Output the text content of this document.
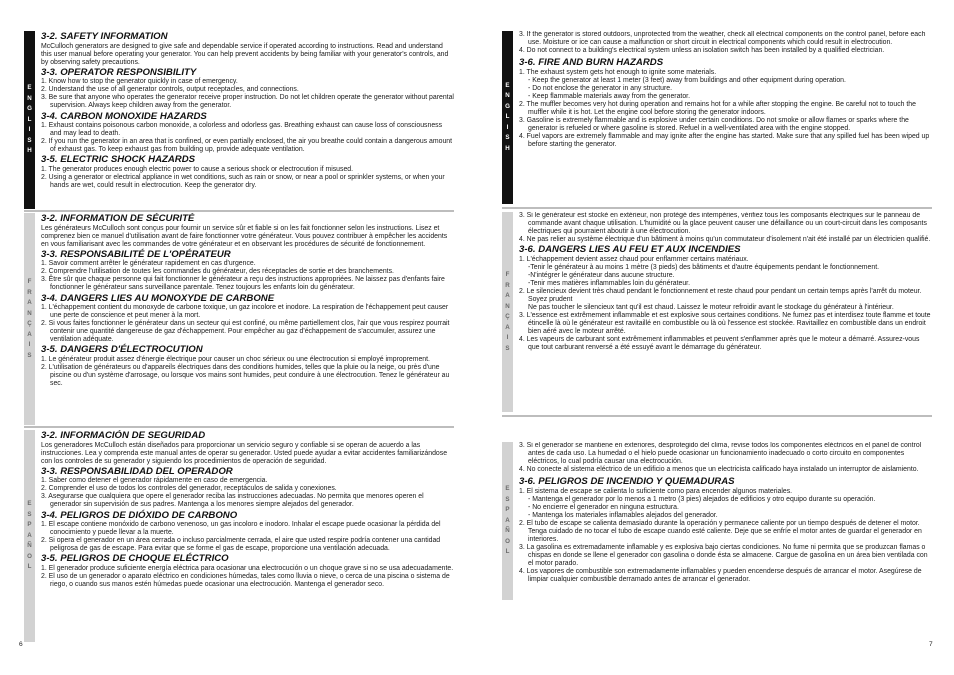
E
N
G
L
I
S
H

3-2. SAFETY INFORMATION

McCulloch generators are designed to give safe and dependable service if operated according to instructions. Read and understand this user manual before operating your generator. You can help prevent accidents by being familiar with your generator's controls, and by observing safety precautions.

3-3. OPERATOR RESPONSIBILITY

1. Know how to stop the generator quickly in case of emergency.

2. Understand the use of all generator controls, output receptacles, and connections.

3. Be sure that anyone who operates the generator receive proper instruction. Do not let children operate the generator without parental supervision. Always keep children away from the generator.

3-4. CARBON MONOXIDE HAZARDS

1. Exhaust contains poisonous carbon monoxide, a colorless and odorless gas. Breathing exhaust can cause loss of consciousness and may lead to death.

2. If you run the generator in an area that is confined, or even partially enclosed, the air you breathe could contain a dangerous amount of exhaust gas. To keep exhaust gas from building up, provide adequate ventilation.

3-5. ELECTRIC SHOCK HAZARDS

1. The generator produces enough electric power to cause a serious shock or electrocution if misused.

2. Using a generator or electrical appliance in wet conditions, such as rain or snow, or near a pool or sprinkler systems, or when your hands are wet, could result in electrocution. Keep the generator dry.

F
R
A
N
Ç
A
I
S

3-2. INFORMATION DE SÉCURITÉ

Les générateurs McCulloch sont conçus pour fournir un service sûr et fiable si on les fait fonctionner selon les instructions. Lisez et comprenez bien ce manuel d'utilisation avant de faire fonctionner votre générateur. Vous pouvez contribuer à empêcher les accidents en vous familiarisant avec les commandes de votre générateur et en observant les procédures de sécurité de fonctionnement.

3-3. RESPONSABILITÉ DE L'OPÉRATEUR

1. Savoir comment arrêter le générateur rapidement en cas d'urgence.

2. Comprendre l'utilisation de toutes les commandes du générateur, des réceptacles de sortie et des branchements.

3. Être sûr que chaque personne qui fait fonctionner le générateur a reçu des instructions appropriées. Ne laissez pas d'enfants faire fonctionner le générateur sans surveillance parentale. Tenez toujours les enfants loin du générateur.

3-4. DANGERS LIES AU MONOXYDE DE CARBONE

1. L'échappement contient du monoxyde de carbone toxique, un gaz incolore et inodore. La respiration de l'échappement peut causer une perte de conscience et peut mener à la mort.

2. Si vous faites fonctionner le générateur dans un secteur qui est confiné, ou même partiellement clos, l'air que vous respirez pourrait contenir une quantité dangereuse de gaz d'échappement. Pour empêcher au gaz d'échappement de s'accumuler, assurez une ventilation adéquate.

3-5. DANGERS D'ÉLECTROCUTION

1. Le générateur produit assez d'énergie électrique pour causer un choc sérieux ou une électrocution si employé improprement.

2. L'utilisation de générateurs ou d'appareils électriques dans des conditions humides, telles que la pluie ou la neige, ou près d'une piscine ou d'un système d'arrosage, ou lorsque vos mains sont humides, peut conduire à une électrocution. Tenez le générateur au sec.

E
S
P
A
Ñ
O
L

3-2. INFORMACIÓN DE SEGURIDAD

Los generadores McCulloch están diseñados para proporcionar un servicio seguro y confiable si se operan de acuerdo a las instrucciones. Lea y comprenda este manual antes de operar su generador. Usted puede ayudar a evitar accidentes familiarizándose con los controles de su generador y siguiendo los procedimientos de operación de seguridad.

3-3. RESPONSABILIDAD DEL OPERADOR

1. Saber como detener el generador rápidamente en caso de emergencia.

2. Comprender el uso de todos los controles del generador, receptáculos de salida y conexiones.

3. Asegurarse que cualquiera que opere el generador reciba las instrucciones adecuadas. No permita que menores operen el generador sin supervisión de sus padres. Mantenga a los menores siempre alejados del generador.

3-4. PELIGROS DE DIÓXIDO DE CARBONO

1. El escape contiene monóxido de carbono venenoso, un gas incoloro e inodoro. Inhalar el escape puede ocasionar la pérdida del conocimiento y puede llevar a la muerte.

2. Si opera el generador en un área cerrada o incluso parcialmente cerrada, el aire que usted respire podría contener una cantidad peligrosa de gas de escape. Para evitar que se forme el gas de escape, proporcione una ventilación adecuada.

3-5. PELIGROS DE CHOQUE ELÉCTRICO

1. El generador produce suficiente energía eléctrica para ocasionar una electrocución o un choque grave si no se usa adecuadamente.

2. El uso de un generador o aparato eléctrico en condiciones húmedas, tales como lluvia o nieve, o cerca de una piscina o sistema de riego, o cuando sus manos estén húmedas puede ocasionar una electrocución. Mantenga el generador seco.

6
E
N
G
L
I
S
H

3. If the generator is stored outdoors, unprotected from the weather, check all electrical components on the control panel, before each use. Moisture or ice can cause a malfunction or short circuit in electrical components which could result in electrocution.

4. Do not connect to a building's electrical system unless an isolation switch has been installed by a qualified electrician.

3-6. FIRE AND BURN HAZARDS

1. The exhaust system gets hot enough to ignite some materials.

- Keep the generator at least 1 meter (3 feet) away from buildings and other equipment during operation.

- Do not enclose the generator in any structure.

- Keep flammable materials away from the generator.

2. The muffler becomes very hot during operation and remains hot for a while after stopping the engine. Be careful not to touch the muffler while it is hot. Let the engine cool before storing the generator indoors.

3. Gasoline is extremely flammable and is explosive under certain conditions. Do not smoke or allow flames or sparks where the generator is refueled or where gasoline is stored. Refuel in a well-ventilated area with the engine stopped.

4. Fuel vapors are extremely flammable and may ignite after the engine has started. Make sure that any spilled fuel has been wiped up before starting the generator.

F
R
A
N
Ç
A
I
S

3. Si le générateur est stocké en extérieur, non protégé des intempéries, vérifiez tous les composants électriques sur le panneau de commande avant chaque utilisation. L'humidité ou la glace peuvent causer une défaillance ou un court-circuit dans les composants électriques qui pourraient aboutir à une électrocution.

4. Ne pas relier au système électrique d'un bâtiment à moins qu'un commutateur d'isolement n'ait été installé par un électricien qualifié.

3-6. DANGERS LIES AU FEU ET AUX INCENDIES

1. L'échappement devient assez chaud pour enflammer certains matériaux.

-Tenir le générateur à au moins 1 mètre (3 pieds) des bâtiments et d'autre équipements pendant le fonctionnement.

-N'intégrer le générateur dans aucune structure.

-Tenir mes matières inflammables loin du générateur.

2. Le silencieux devient très chaud pendant le fonctionnement et reste chaud pour pendant un certain temps après l'arrêt du moteur. Soyez prudent

Ne pas toucher le silencieux tant qu'il est chaud. Laissez le moteur refroidir avant le stockage du générateur à l'intérieur.

3. L'essence est extrêmement inflammable et est explosive sous certaines conditions. Ne fumez pas et interdisez toute flamme et toute étincelle là où le générateur est ravitaillé en combustible ou là où l'essence est stockée. Ravitaillez en combustible dans un endroit bien aéré avec le moteur arrêté.

4. Les vapeurs de carburant sont extrêmement inflammables et peuvent s'enflammer après que le moteur a démarré. Assurez-vous que tout carburant renversé a été essuyé avant le démarrage du générateur.

E
S
P
A
Ñ
O
L

3. Si el generador se mantiene en exteriores, desprotegido del clima, revise todos los componentes eléctricos en el panel de control antes de cada uso. La humedad o el hielo puede ocasionar un funcionamiento inadecuado o corto circuito en componentes eléctricos, lo cual podría causar una electrocución.

4. No conecte al sistema eléctrico de un edificio a menos que un electricista calificado haya instalado un interruptor de aislamiento.

3-6. PELIGROS DE INCENDIO Y QUEMADURAS

1. El sistema de escape se calienta lo suficiente como para encender algunos materiales.

- Mantenga el generador por lo menos a 1 metro (3 pies) alejados de edificios y otro equipo durante su operación.

- No encierre el generador en ninguna estructura.

- Mantenga los materiales inflamables alejados del generador.

2. El tubo de escape se calienta demasiado durante la operación y permanece caliente por un tiempo después de detener el motor. Tenga cuidado de no tocar el tubo de escape cuando esté caliente. Deje que se enfríe el motor antes de guardar el generador en interiores.

3. La gasolina es extremadamente inflamable y es explosiva bajo ciertas condiciones. No fume ni permita que se produzcan flamas o chispas en donde se llene el generador con gasolina o donde ésta se almacene. Cargue de gasolina en un área bien ventilada con el motor parado.

4. Los vapores de combustible son extremadamente inflamables y pueden encenderse después de arrancar el motor. Asegúrese de limpiar cualquier combustible derramado antes de arrancar el generador.

7
